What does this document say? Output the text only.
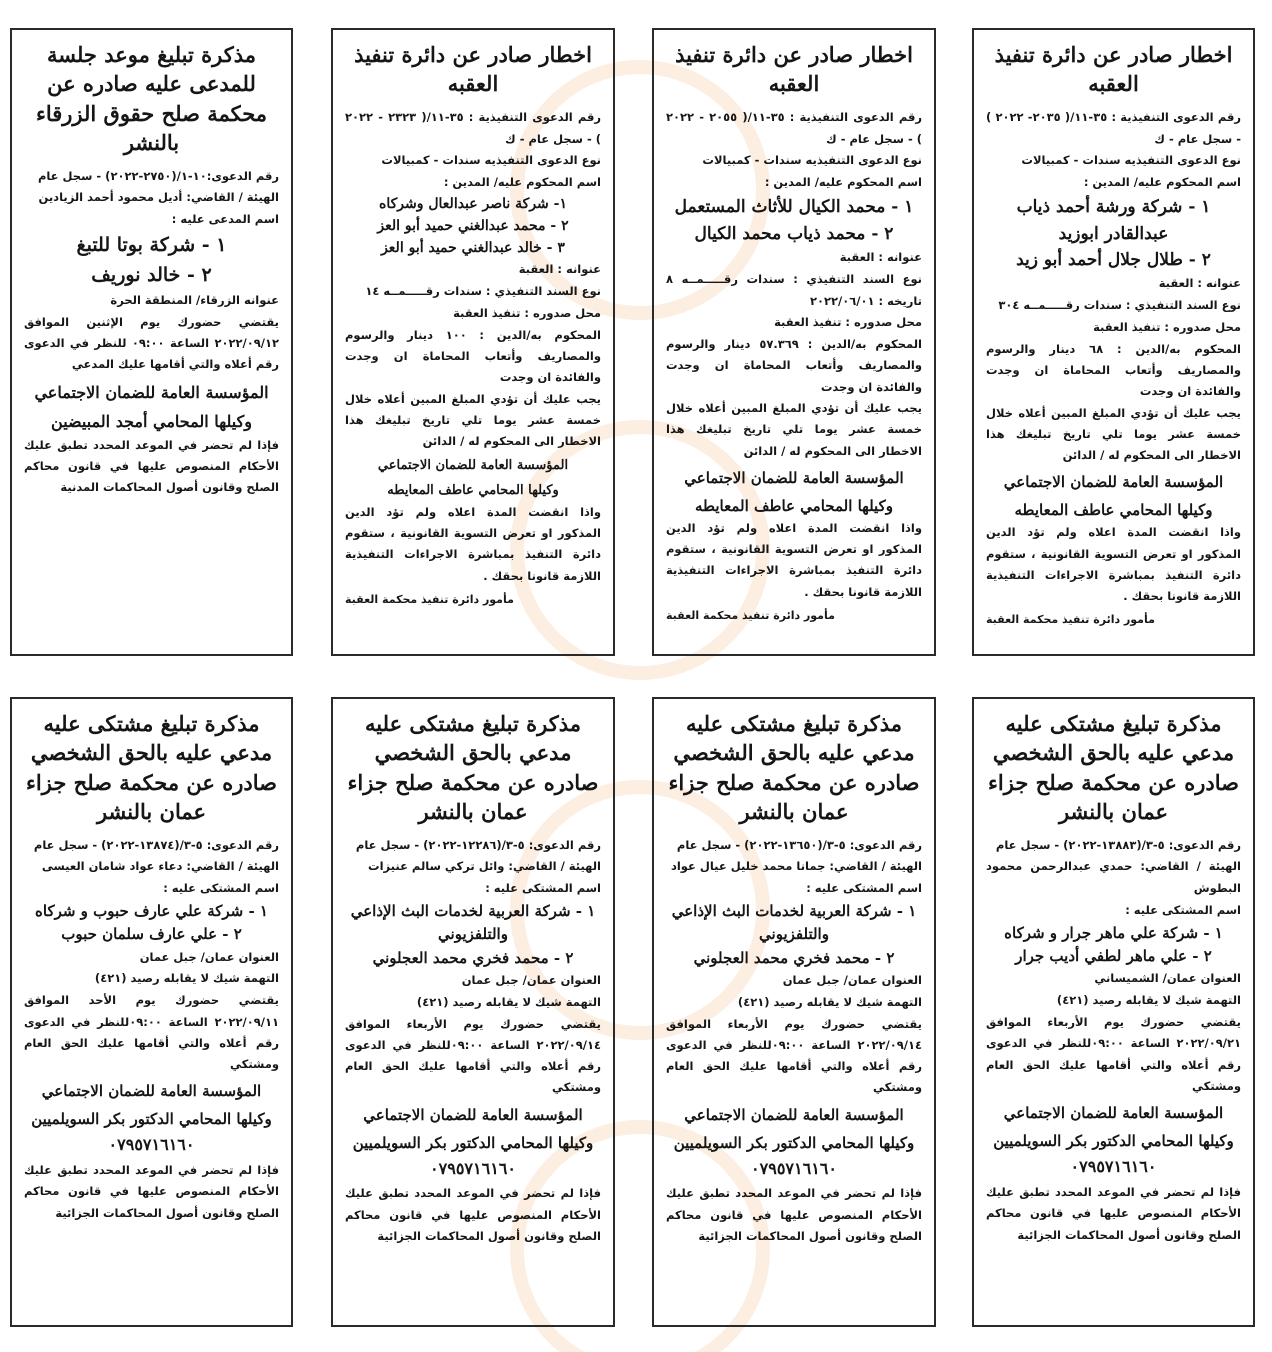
اخطار صادر عن دائرة تنفيذ العقبه

رقم الدعوى التنفيذية : ٣٥-١١/( ٢٠٣٥- ٢٠٢٢ ) - سجل عام - ك

نوع الدعوى التنفيذيه سندات - كمبيالات

اسم المحكوم عليه/ المدين :

١ - شركة ورشة أحمد ذياب عبدالقادر ابوزيد

٢ - طلال جلال أحمد أبو زيد

عنوانه : العقبة

نوع السند التنفيذي : سندات رقـــــمــه ٣٠٤

محل صدوره : تنفيذ العقبة

المحكوم به/الدين : ٦٨ دينار والرسوم والمصاريف وأتعاب المحاماة ان وجدت والفائدة ان وجدت

يجب عليك أن تؤدي المبلغ المبين أعلاه خلال خمسة عشر يوما تلي تاريخ تبليغك هذا الاخطار الى المحكوم له / الدائن

المؤسسة العامة للضمان الاجتماعي

وكيلها المحامي عاطف المعايطه

واذا انقضت المدة اعلاه ولم تؤد الدين المذكور او تعرض التسوية القانونية ، ستقوم دائرة التنفيذ بمباشرة الاجراءات التنفيذية اللازمة قانونا بحقك .

مأمور دائرة تنفيذ محكمة العقبة

اخطار صادر عن دائرة تنفيذ العقبه

رقم الدعوى التنفيذية : ٣٥-١١/( ٢٠٥٥ - ٢٠٢٢ ) - سجل عام - ك

نوع الدعوى التنفيذيه سندات - كمبيالات

اسم المحكوم عليه/ المدين :

١ - محمد الكيال للأثاث المستعمل

٢ - محمد ذياب محمد الكيال

عنوانه : العقبة

نوع السند التنفيذي : سندات رقـــــمــه ٨ تاريخه : ٢٠٢٢/٠٦/٠١

محل صدوره : تنفيذ العقبة

المحكوم به/الدين : ٥٧.٣٦٩ دينار والرسوم والمصاريف وأتعاب المحاماة ان وجدت والفائدة ان وجدت

يجب عليك أن تؤدي المبلغ المبين أعلاه خلال خمسة عشر يوما تلي تاريخ تبليغك هذا الاخطار الى المحكوم له / الدائن

المؤسسة العامة للضمان الاجتماعي

وكيلها المحامي عاطف المعايطه

واذا انقضت المدة اعلاه ولم تؤد الدين المذكور او تعرض التسوية القانونية ، ستقوم دائرة التنفيذ بمباشرة الاجراءات التنفيذية اللازمة قانونا بحقك .

مأمور دائرة تنفيذ محكمة العقبة

اخطار صادر عن دائرة تنفيذ العقبه

رقم الدعوى التنفيذية : ٣٥-١١/( ٢٣٢٣ - ٢٠٢٢ ) - سجل عام - ك

نوع الدعوى التنفيذيه سندات - كمبيالات

اسم المحكوم عليه/ المدين :

١- شركة ناصر عبدالعال وشركاه

٢ - محمد عبدالغني حميد أبو العز

٣ - خالد عبدالغني حميد أبو العز

عنوانه : العقبة

نوع السند التنفيذي : سندات رقـــــمــه ١٤

محل صدوره : تنفيذ العقبة

المحكوم به/الدين : ١٠٠ دينار والرسوم والمصاريف وأتعاب المحاماة ان وجدت والفائدة ان وجدت

يجب عليك أن تؤدي المبلغ المبين أعلاه خلال خمسة عشر يوما تلي تاريخ تبليغك هذا الاخطار الى المحكوم له / الدائن

المؤسسة العامة للضمان الاجتماعي

وكيلها المحامي عاطف المعايطه

واذا انقضت المدة اعلاه ولم تؤد الدين المذكور او تعرض التسوية القانونية ، ستقوم دائرة التنفيذ بمباشرة الاجراءات التنفيذية اللازمة قانونا بحقك .

مأمور دائرة تنفيذ محكمة العقبة

مذكرة تبليغ موعد جلسة للمدعى عليه صادره عن محكمة صلح حقوق الزرقاء بالنشر

رقم الدعوى:١٠-١/(٢٧٥٠-٢٠٢٢) - سجل عام

الهيئة / القاضي: أديل محمود أحمد الزيادين

اسم المدعى عليه :

١ - شركة بوتا للتبغ

٢ - خالد نوريف

عنوانه الزرقاء/ المنطقة الحرة

يقتضي حضورك يوم الإثنين الموافق ٢٠٢٢/٠٩/١٢ الساعة ٠٩:٠٠ للنظر في الدعوى رقم أعلاه والتي أقامها عليك المدعي

المؤسسة العامة للضمان الاجتماعي

وكيلها المحامي أمجد المبيضين

فإذا لم تحضر في الموعد المحدد تطبق عليك الأحكام المنصوص عليها في قانون محاكم الصلح وقانون أصول المحاكمات المدنية

مذكرة تبليغ مشتكى عليه مدعي عليه بالحق الشخصي صادره عن محكمة صلح جزاء عمان بالنشر

رقم الدعوى: ٥-٣/(١٣٨٨٣-٢٠٢٢) - سجل عام

الهيئة / القاضي: حمدي عبدالرحمن محمود البطوش

اسم المشتكى عليه :

١ - شركة علي ماهر جرار و شركاه

٢ - علي ماهر لطفي أديب جرار

العنوان عمان/ الشميساني

التهمة شيك لا يقابله رصيد (٤٢١)

يقتضي حضورك يوم الأربعاء الموافق ٢٠٢٢/٠٩/٢١ الساعة ٠٩:٠٠للنظر في الدعوى رقم أعلاه والتي أقامها عليك الحق العام ومشتكي

المؤسسة العامة للضمان الاجتماعي

وكيلها المحامي الدكتور بكر السويلميين

٠٧٩٥٧١٦١٦٠

فإذا لم تحضر في الموعد المحدد تطبق عليك الأحكام المنصوص عليها في قانون محاكم الصلح وقانون أصول المحاكمات الجزائية

مذكرة تبليغ مشتكى عليه مدعي عليه بالحق الشخصي صادره عن محكمة صلح جزاء عمان بالنشر

رقم الدعوى: ٥-٣/(١٣٦٥٠-٢٠٢٢) - سجل عام

الهيئة / القاضي: جمانا محمد خليل عيال عواد

اسم المشتكى عليه :

١ - شركة العربية لخدمات البث الإذاعي والتلفزيوني

٢ - محمد فخري محمد العجلوني

العنوان عمان/ جبل عمان

التهمة شيك لا يقابله رصيد (٤٢١)

يقتضي حضورك يوم الأربعاء الموافق ٢٠٢٢/٠٩/١٤ الساعة ٠٩:٠٠للنظر في الدعوى رقم أعلاه والتي أقامها عليك الحق العام ومشتكي

المؤسسة العامة للضمان الاجتماعي

وكيلها المحامي الدكتور بكر السويلميين

٠٧٩٥٧١٦١٦٠

فإذا لم تحضر في الموعد المحدد تطبق عليك الأحكام المنصوص عليها في قانون محاكم الصلح وقانون أصول المحاكمات الجزائية

مذكرة تبليغ مشتكى عليه مدعي بالحق الشخصي صادره عن محكمة صلح جزاء عمان بالنشر

رقم الدعوى: ٥-٣/(١٢٢٨٦-٢٠٢٢) - سجل عام

الهيئة / القاضي: وائل تركي سالم عنيزات

اسم المشتكى عليه :

١ - شركة العربية لخدمات البث الإذاعي والتلفزيوني

٢ - محمد فخري محمد العجلوني

العنوان عمان/ جبل عمان

التهمة شيك لا يقابله رصيد (٤٢١)

يقتضي حضورك يوم الأربعاء الموافق ٢٠٢٢/٠٩/١٤ الساعة ٠٩:٠٠للنظر في الدعوى رقم أعلاه والتي أقامها عليك الحق العام ومشتكي

المؤسسة العامة للضمان الاجتماعي

وكيلها المحامي الدكتور بكر السويلميين

٠٧٩٥٧١٦١٦٠

فإذا لم تحضر في الموعد المحدد تطبق عليك الأحكام المنصوص عليها في قانون محاكم الصلح وقانون أصول المحاكمات الجزائية

مذكرة تبليغ مشتكى عليه مدعي عليه بالحق الشخصي صادره عن محكمة صلح جزاء عمان بالنشر

رقم الدعوى: ٥-٣/(١٣٨٧٤-٢٠٢٢) - سجل عام

الهيئة / القاضي: دعاء عواد شامان العيسى

اسم المشتكى عليه :

١ - شركة علي عارف حبوب و شركاه

٢ - علي عارف سلمان حبوب

العنوان عمان/ جبل عمان

التهمة شيك لا يقابله رصيد (٤٢١)

يقتضي حضورك يوم الأحد الموافق ٢٠٢٢/٠٩/١١ الساعة ٠٩:٠٠للنظر في الدعوى رقم أعلاه والتي أقامها عليك الحق العام ومشتكي

المؤسسة العامة للضمان الاجتماعي

وكيلها المحامي الدكتور بكر السويلميين

٠٧٩٥٧١٦١٦٠

فإذا لم تحضر في الموعد المحدد تطبق عليك الأحكام المنصوص عليها في قانون محاكم الصلح وقانون أصول المحاكمات الجزائية
